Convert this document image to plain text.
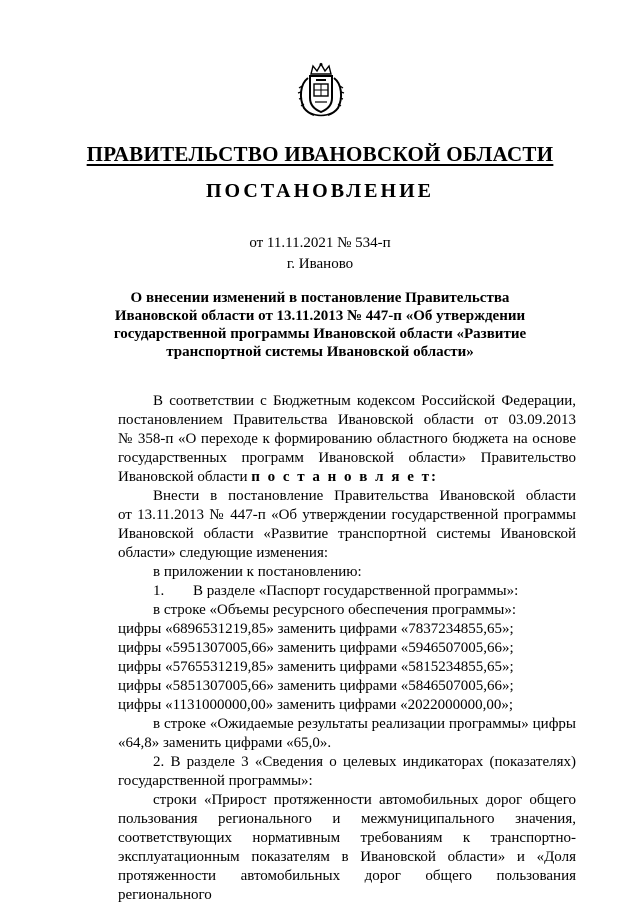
ПРАВИТЕЛЬСТВО ИВАНОВСКОЙ ОБЛАСТИ
ПОСТАНОВЛЕНИЕ
от 11.11.2021 № 534-п
г. Иваново
О внесении изменений в постановление Правительства
Ивановской области от 13.11.2013 № 447-п «Об утверждении
государственной программы Ивановской области «Развитие
транспортной системы Ивановской области»

В соответствии с Бюджетным кодексом Российской Федерации,

постановлением Правительства Ивановской области от 03.09.2013

№ 358-п «О переходе к формированию областного бюджета на основе

государственных программ Ивановской области» Правительство

Ивановской области п о с т а н о в л я е т:

Внести в постановление Правительства Ивановской области

от 13.11.2013 № 447-п «Об утверждении государственной программы

Ивановской области «Развитие транспортной системы Ивановской

области» следующие изменения:

в приложении к постановлению:

1. В разделе «Паспорт государственной программы»:

в строке «Объемы ресурсного обеспечения программы»:

цифры «6896531219,85» заменить цифрами «7837234855,65»;

цифры «5951307005,66» заменить цифрами «5946507005,66»;

цифры «5765531219,85» заменить цифрами «5815234855,65»;

цифры «5851307005,66» заменить цифрами «5846507005,66»;

цифры «1131000000,00» заменить цифрами «2022000000,00»;

в строке «Ожидаемые результаты реализации программы» цифры

«64,8» заменить цифрами «65,0».

2. В разделе 3 «Сведения о целевых индикаторах (показателях)

государственной программы»:

строки «Прирост протяженности автомобильных дорог общего

пользования регионального и межмуниципального значения,

соответствующих нормативным требованиям к транспортно-

эксплуатационным показателям в Ивановской области» и «Доля

протяженности автомобильных дорог общего пользования регионального
